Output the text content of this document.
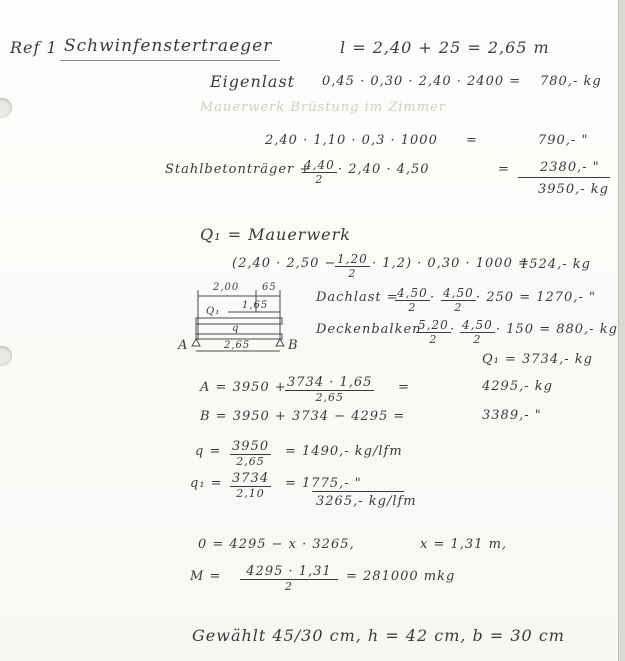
Ref 1 Schwinfenstertraeger	l = 2,40 + 25 = 2,65 m
Eigenlast 0,45 · 0,30 · 2,40 · 2400 = 780,- kg
Mauerwerk Brüstung im Zimmer
2,40 · 1,10 · 0,3 · 1000 =	790,- "
Stahlbetonträger +
$\frac{4,40}{2} \cdot 2,40 \cdot 4,50$	= 2380,- "
3950,- kg
Q₁ = Mauerwerk
(2,40 · 2,50 −
$\frac{1,20}{2} \cdot 1,2) \cdot 0,30 \cdot 1000$ =
1524,- kg
Dachlast =
$\frac{4,50}{2} \cdot \frac{4,50}{2} \cdot 250 = 1270,-$ "
Deckenbalken
$\frac{5,20}{2} \cdot \frac{4,50}{2} \cdot 150 = 880,-$ kg
Q₁ = 3734,- kg
2,00 65
1,65
Q₁
q
2,65
A	B
A = 3950 + 3734 · 1,65
2,65
=	4295,- kg
B = 3950 + 3734 − 4295 =	3389,- "
q = 3950
2,65
= 1490,- kg/lfm
q₁ = 3734
2,10
= 1775,- "
3265,- kg/lfm
0 = 4295 − x · 3265,	x = 1,31 m,
M =	4295 · 1,31
2
= 281000 mkg
Gewählt 45/30 cm, h = 42 cm, b = 30 cm
